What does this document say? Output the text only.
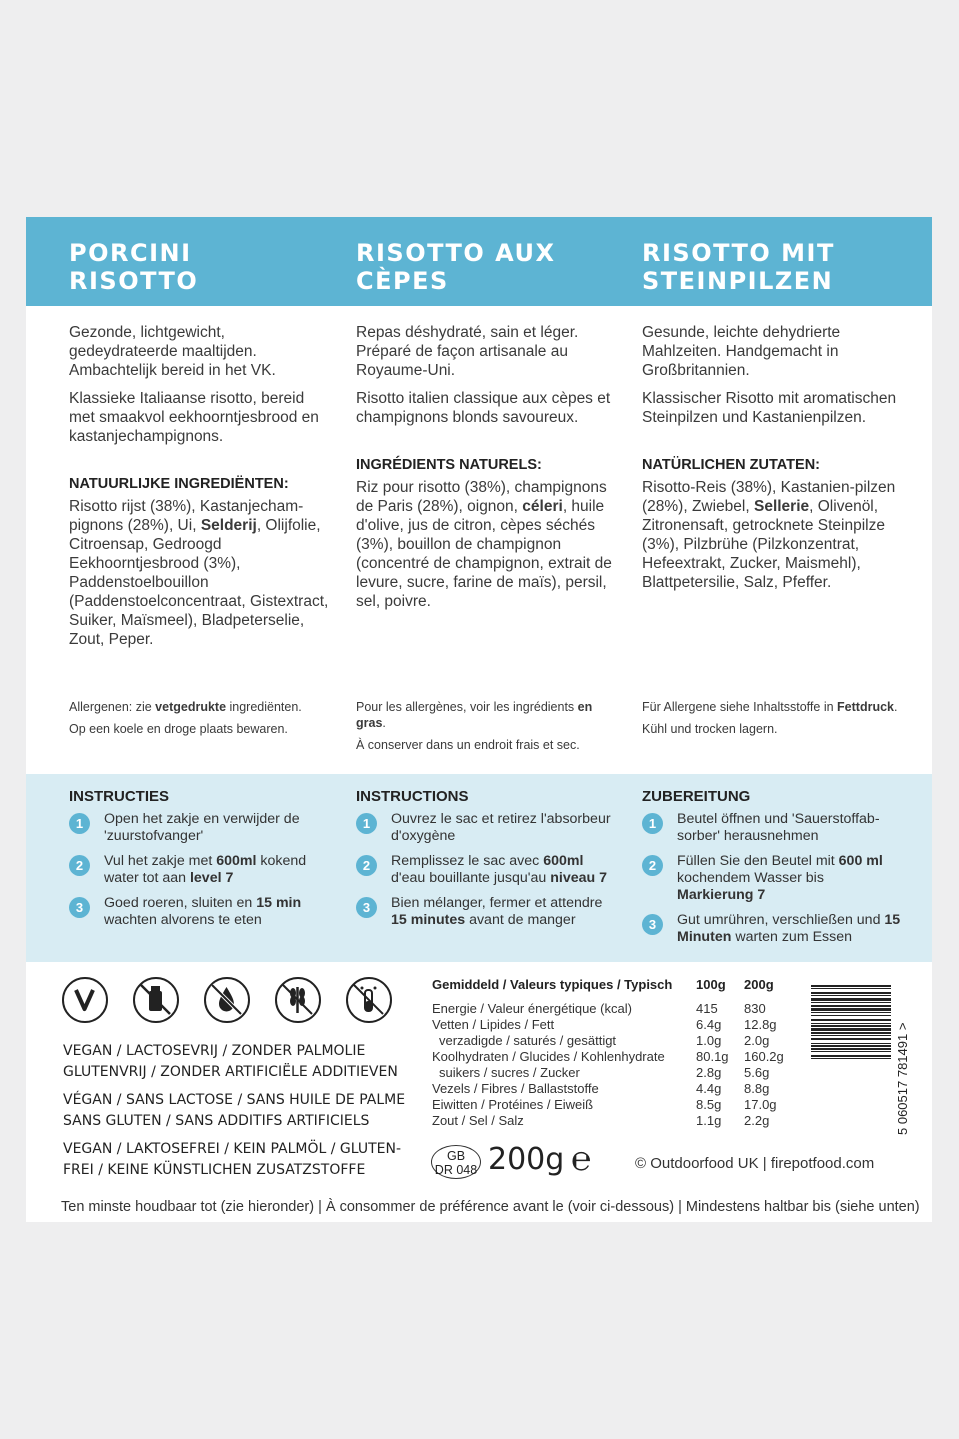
PORCINI
RISOTTO
RISOTTO AUX
CÈPES
RISOTTO MIT
STEINPILZEN

Gezonde, lichtgewicht, gedeydrateerde maaltijden. Ambachtelijk bereid in het VK.

Klassieke Italiaanse risotto, bereid met smaakvol eekhoorntjesbrood en kastanjechampignons.

NATUURLIJKE INGREDIËNTEN:

Risotto rijst (38%), Kastanjecham-pignons (28%), Ui, Selderij, Olijfolie, Citroensap, Gedroogd Eekhoorntjesbrood (3%), Paddenstoelbouillon (Paddenstoelconcentraat, Gistextract, Suiker, Maïsmeel), Bladpeterselie, Zout, Peper.

Allergenen: zie vetgedrukte ingrediënten.

Op een koele en droge plaats bewaren.

Repas déshydraté, sain et léger. Préparé de façon artisanale au Royaume-Uni.

Risotto italien classique aux cèpes et champignons blonds savoureux.

INGRÉDIENTS NATURELS:

Riz pour risotto (38%), champignons de Paris (28%), oignon, céleri, huile d'olive, jus de citron, cèpes séchés (3%), bouillon de champignon (concentré de champignon, extrait de levure, sucre, farine de maïs), persil, sel, poivre.

Pour les allergènes, voir les ingrédients en gras.

À conserver dans un endroit frais et sec.

Gesunde, leichte dehydrierte Mahlzeiten. Handgemacht in Großbritannien.

Klassischer Risotto mit aromatischen Steinpilzen und Kastanienpilzen.

NATÜRLICHEN ZUTATEN:

Risotto-Reis (38%), Kastanien-pilzen (28%), Zwiebel, Sellerie, Olivenöl, Zitronensaft, getrocknete Steinpilze (3%), Pilzbrühe (Pilzkonzentrat, Hefeextrakt, Zucker, Maismehl), Blattpetersilie, Salz, Pfeffer.

Für Allergene siehe Inhaltsstoffe in Fettdruck.

Kühl und trocken lagern.

INSTRUCTIES

1	Open het zakje en verwijder de 'zuurstofvanger'
2	Vul het zakje met 600ml kokend water tot aan level 7
3	Goed roeren, sluiten en 15 min wachten alvorens te eten

INSTRUCTIONS

1	Ouvrez le sac et retirez l'absorbeur d'oxygène
2	Remplissez le sac avec 600ml d'eau bouillante jusqu'au niveau 7
3	Bien mélanger, fermer et attendre 15 minutes avant de manger

ZUBEREITUNG

1	Beutel öffnen und 'Sauerstoffab-sorber' herausnehmen
2	Füllen Sie den Beutel mit 600 ml kochendem Wasser bis Markierung 7
3	Gut umrühren, verschließen und 15 Minuten warten zum Essen
VEGAN / LACTOSEVRIJ / ZONDER PALMOLIE GLUTENVRIJ / ZONDER ARTIFICIËLE ADDITIEVEN
VÉGAN / SANS LACTOSE / SANS HUILE DE PALME SANS GLUTEN / SANS ADDITIFS ARTIFICIELS
VEGAN / LAKTOSEFREI / KEIN PALMÖL / GLUTEN-FREI / KEINE KÜNSTLICHEN ZUSATZSTOFFE
Gemiddeld / Valeurs typiques / Typisch 100g 200g
Energie / Valeur énergétique (kcal)	415 830
Vetten / Lipides / Fett	6.4g 12.8g
verzadigde / saturés / gesättigt	1.0g 2.0g
Koolhydraten / Glucides / Kohlenhydrate 80.1g 160.2g
suikers / sucres / Zucker	2.8g 5.6g
Vezels / Fibres / Ballaststoffe	4.4g 8.8g
Eiwitten / Protéines / Eiweiß	8.5g 17.0g
Zout / Sel / Salz	1.1g 2.2g	5 060517 781491 >
GB
DR 048 200g ℮	© Outdoorfood UK | firepotfood.com
Ten minste houdbaar tot (zie hieronder) | À consommer de préférence avant le (voir ci-dessous) | Mindestens haltbar bis (siehe unten)
